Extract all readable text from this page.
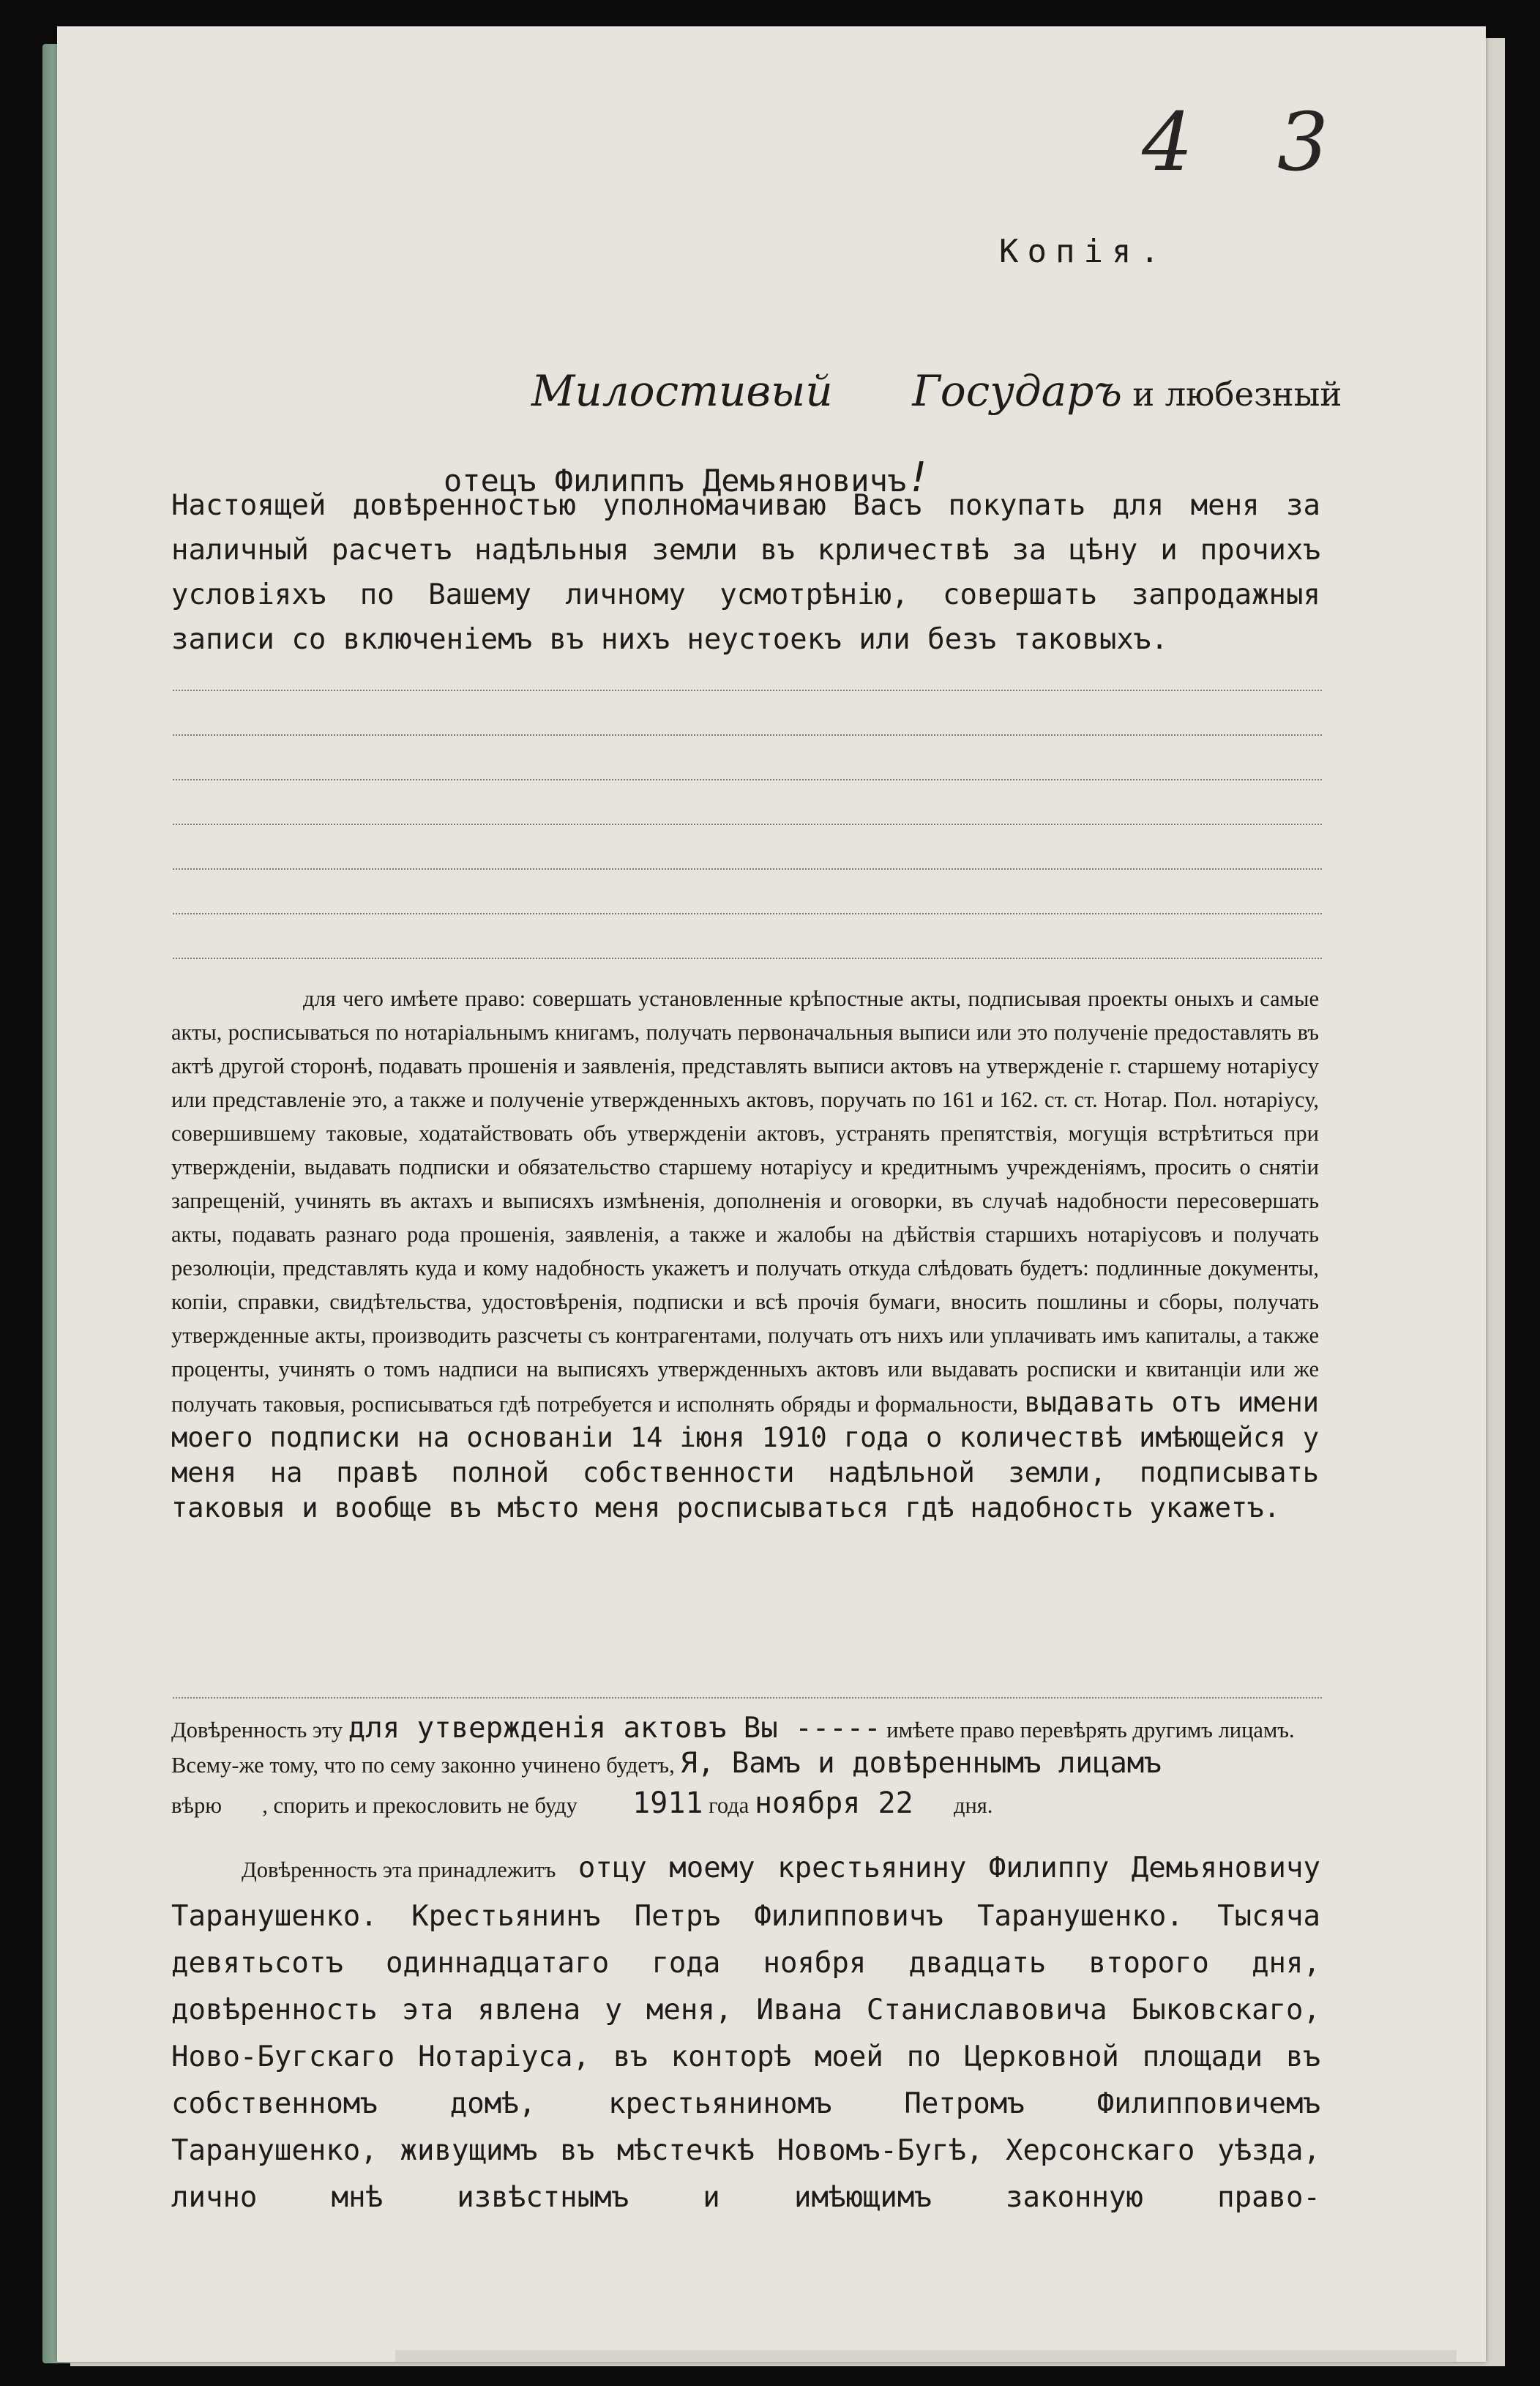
4 3
Копія.
Милостивый Государъ и любезный
отецъ Филиппъ Демьяновичъ!
Настоящей довѣренностью уполномачиваю Васъ покупать для меня за наличный расчетъ надѣльныя земли въ крличествѣ за цѣну и прочихъ условіяхъ по Вашему личному усмотрѣнію, совершать запродажныя записи со включеніемъ въ нихъ неустоекъ или безъ таковыхъ.
для чего имѣете право: совершать установленные крѣпостные акты, подписывая проекты оныхъ и самые акты, росписываться по нотаріальнымъ книгамъ, получать первоначальныя выписи или это полученіе предоставлять въ актѣ другой сторонѣ, подавать прошенія и заявленія, представлять выписи актовъ на утвержденіе г. старшему нотаріусу или представленіе это, а также и полученіе утвержденныхъ актовъ, поручать по 161 и 162. ст. ст. Нотар. Пол. нотаріусу, совершившему таковые, ходатайствовать объ утвержденіи актовъ, устранять препятствія, могущія встрѣтиться при утвержденіи, выдавать подписки и обязательство старшему нотаріусу и кредитнымъ учрежденіямъ, просить о снятіи запрещеній, учинять въ актахъ и выписяхъ измѣненія, дополненія и оговорки, въ случаѣ надобности пересовершать акты, подавать разнаго рода прошенія, заявленія, а также и жалобы на дѣйствія старшихъ нотаріусовъ и получать резолюціи, представлять куда и кому надобность укажетъ и получать откуда слѣдовать будетъ: подлинные документы, копіи, справки, свидѣтельства, удостовѣренія, подписки и всѣ прочія бумаги, вносить пошлины и сборы, получать утвержденные акты, производить разсчеты съ контрагентами, получать отъ нихъ или уплачивать имъ капиталы, а также проценты, учинять о томъ надписи на выписяхъ утвержденныхъ актовъ или выдавать росписки и квитанціи или же получать таковыя, росписываться гдѣ потребуется и исполнять обряды и формальности, выдавать отъ имени моего подписки на основаніи 14 іюня 1910 года о количествѣ имѣющейся у меня на правѣ полной собственности надѣльной земли, подписывать таковыя и вообще въ мѣсто меня росписываться гдѣ надобность укажетъ.
Довѣренность эту для утвержденія актовъ Вы ----- имѣете право перевѣрять другимъ лицамъ. Всему-же тому, что по сему законно учинено будетъ, Я, Вамъ и довѣреннымъ лицамъ
вѣрю , спорить и прекословить не буду 1911 года ноября 22 дня.
Довѣренность эта принадлежитъ отцу моему крестьянину Филиппу Демьяновичу Таранушенко. Крестьянинъ Петръ Филипповичъ Таранушенко. Тысяча девятьсотъ одиннадцатаго года ноября двадцать второго дня, довѣренность эта явлена у меня, Ивана Станиславовича Быковскаго, Ново-Бугскаго Нотаріуса, въ конторѣ моей по Церковной площади въ собственномъ домѣ, крестьяниномъ Петромъ Филипповичемъ Таранушенко, живущимъ въ мѣстечкѣ Новомъ-Бугѣ, Херсонскаго уѣзда, лично мнѣ извѣстнымъ и имѣющимъ законную право-
